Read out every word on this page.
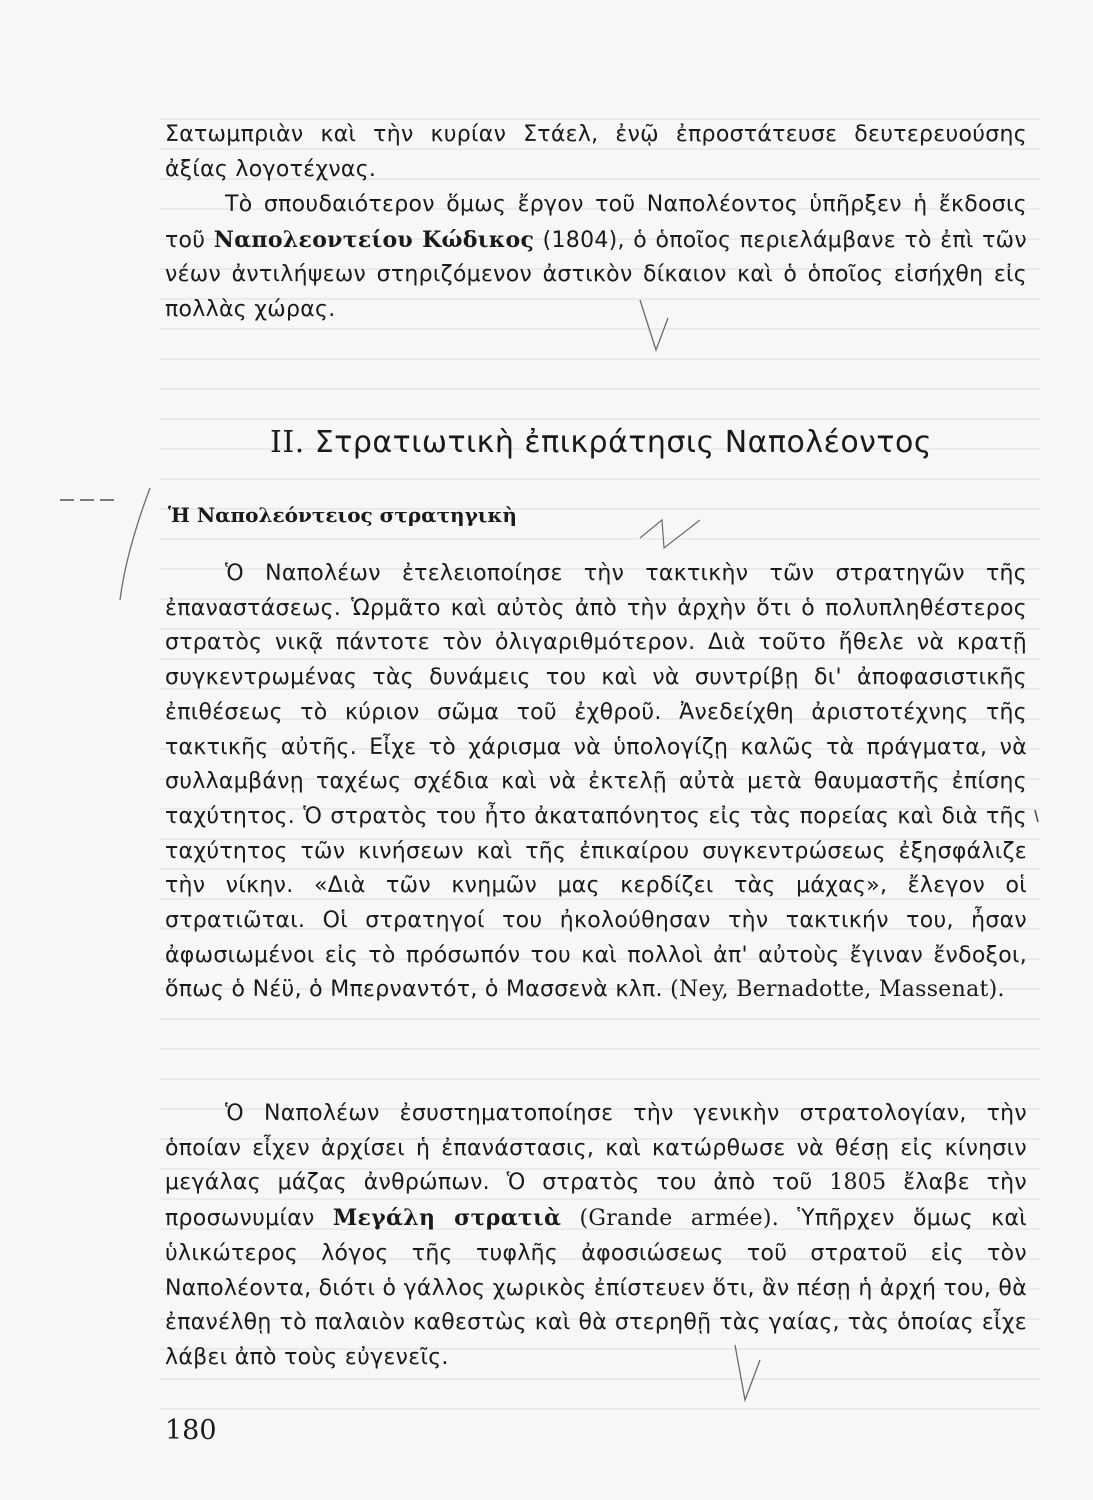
Σατωμπριὰν καὶ τὴν κυρίαν Στάελ, ἐνῷ ἐπροστάτευσε δευτερευούσης ἀξίας λογοτέχνας.

Τὸ σπουδαιότερον ὅμως ἔργον τοῦ Ναπολέοντος ὑπῆρξεν ἡ ἔκδοσις τοῦ Ναπολεοντείου Κώδικος (1804), ὁ ὁποῖος περιελάμβανε τὸ ἐπὶ τῶν νέων ἀντιλήψεων στηριζόμενον ἀστικὸν δίκαιον καὶ ὁ ὁποῖος εἰσήχθη εἰς πολλὰς χώρας.

II. Στρατιωτικὴ ἐπικράτησις Ναπολέοντος
Ἡ Ναπολεόντειος στρατηγικὴ

Ὁ Ναπολέων ἐτελειοποίησε τὴν τακτικὴν τῶν στρατηγῶν τῆς ἐπαναστάσεως. Ὡρμᾶτο καὶ αὐτὸς ἀπὸ τὴν ἀρχὴν ὅτι ὁ πολυπληθέστερος στρατὸς νικᾷ πάντοτε τὸν ὀλιγαριθμότερον. Διὰ τοῦτο ἤθελε νὰ κρατῇ συγκεντρωμένας τὰς δυνάμεις του καὶ νὰ συντρίβῃ δι' ἀποφασιστικῆς ἐπιθέσεως τὸ κύριον σῶμα τοῦ ἐχθροῦ. Ἀνεδείχθη ἀριστοτέχνης τῆς τακτικῆς αὐτῆς. Εἶχε τὸ χάρισμα νὰ ὑπολογίζῃ καλῶς τὰ πράγματα, νὰ συλλαμβάνῃ ταχέως σχέδια καὶ νὰ ἐκτελῇ αὐτὰ μετὰ θαυμαστῆς ἐπίσης ταχύτητος. Ὁ στρατὸς του ἦτο ἀκαταπόνητος εἰς τὰς πορείας καὶ διὰ τῆς ταχύτητος τῶν κινήσεων καὶ τῆς ἐπικαίρου συγκεντρώσεως ἐξησφάλιζε τὴν νίκην. «Διὰ τῶν κνημῶν μας κερδίζει τὰς μάχας», ἔλεγον οἱ στρατιῶται. Οἱ στρατηγοί του ἠκολούθησαν τὴν τακτικήν του, ἦσαν ἀφωσιωμένοι εἰς τὸ πρόσωπόν του καὶ πολλοὶ ἀπ' αὐτοὺς ἔγιναν ἔνδοξοι, ὅπως ὁ Νέϋ, ὁ Μπερναντότ, ὁ Μασσενὰ κλπ. (Ney, Bernadotte, Massenat).

Ὁ Ναπολέων ἐσυστηματοποίησε τὴν γενικὴν στρατολογίαν, τὴν ὁποίαν εἶχεν ἀρχίσει ἡ ἐπανάστασις, καὶ κατώρθωσε νὰ θέσῃ εἰς κίνησιν μεγάλας μάζας ἀνθρώπων. Ὁ στρατὸς του ἀπὸ τοῦ 1805 ἔλαβε τὴν προσωνυμίαν Μεγάλη στρατιὰ (Grande armée). Ὑπῆρχεν ὅμως καὶ ὑλικώτερος λόγος τῆς τυφλῆς ἀφοσιώσεως τοῦ στρατοῦ εἰς τὸν Ναπολέοντα, διότι ὁ γάλλος χωρικὸς ἐπίστευεν ὅτι, ἂν πέσῃ ἡ ἀρχή του, θὰ ἐπανέλθῃ τὸ παλαιὸν καθεστὼς καὶ θὰ στερηθῇ τὰς γαίας, τὰς ὁποίας εἶχε λάβει ἀπὸ τοὺς εὐγενεῖς.

180
